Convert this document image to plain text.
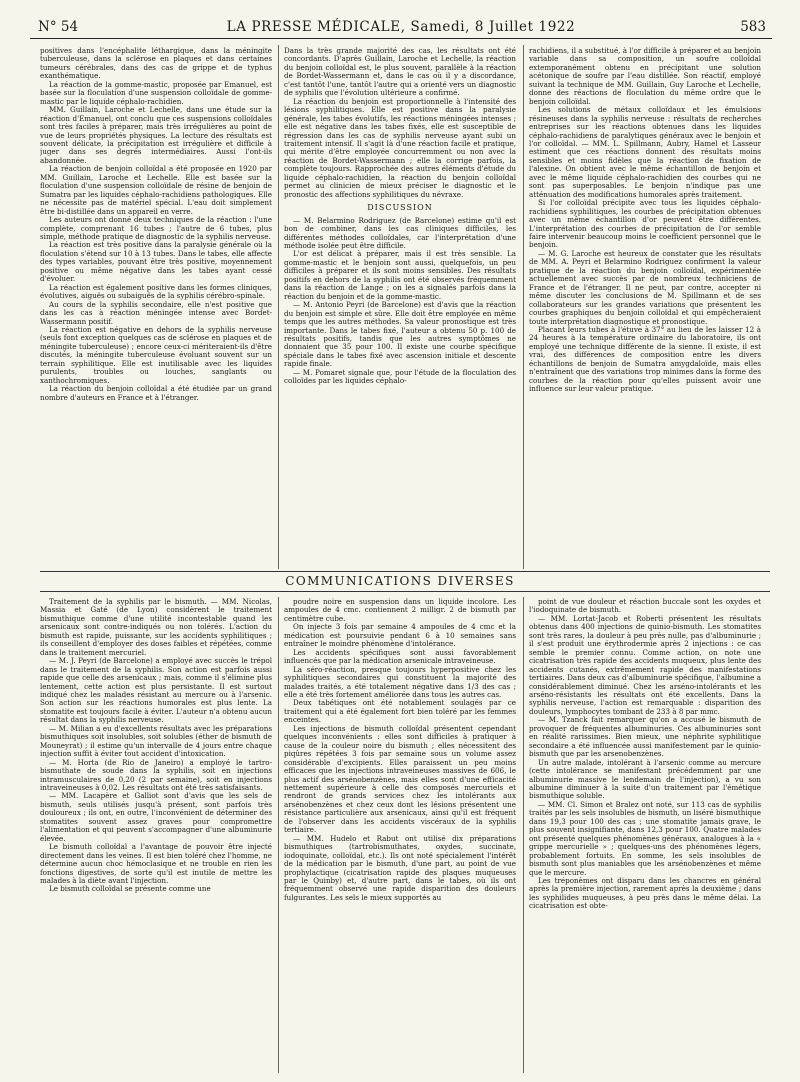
N° 54	LA PRESSE MÉDICALE, Samedi, 8 Juillet 1922	583

positives dans l'encéphalite léthargique, dans la méningite tuberculeuse, dans la sclérose en plaques et dans certaines tumeurs cérébrales, dans des cas de grippe et de typhus exanthématique.

La réaction de la gomme-mastic, proposée par Emanuel, est basée sur la floculation d'une suspension colloïdale de gomme-mastic par le liquide céphalo-rachidien.

MM. Guillain, Laroche et Lechelle, dans une étude sur la réaction d'Emanuel, ont conclu que ces suspensions colloïdales sont très faciles à préparer, mais très irrégulières au point de vue de leurs propriétés physiques. La lecture des résultats est souvent délicate, la précipitation est irrégulière et difficile à juger dans ses degrés intermédiaires. Aussi l'ont-ils abandonnée.

La réaction de benjoin colloïdal a été proposée en 1920 par MM. Guillain, Laroche et Lechelle. Elle est basée sur la floculation d'une suspension colloïdale de résine de benjoin de Sumatra par les liquides céphalo-rachidiens pathologiques. Elle ne nécessite pas de matériel spécial. L'eau doit simplement être bi-distillée dans un appareil en verre.

Les auteurs ont donné deux techniques de la réaction : l'une complète, comprenant 16 tubes ; l'autre de 6 tubes, plus simple, méthode pratique de diagnostic de la syphilis nerveuse.

La réaction est très positive dans la paralysie générale où la floculation s'étend sur 10 à 13 tubes. Dans le tabes, elle affecte des types variables, pouvant être très positive, moyennement positive ou même négative dans les tabes ayant cessé d'évoluer.

La réaction est également positive dans les formes cliniques, évolutives, aiguës ou subaiguës de la syphilis cérébro-spinale.

Au cours de la syphilis secondaire, elle n'est positive que dans les cas à réaction méningée intense avec Bordet-Wassermann positif.

La réaction est négative en dehors de la syphilis nerveuse (seuls font exception quelques cas de sclérose en plaques et de méningite tuberculeuse) ; encore ceux-ci mériteraient-ils d'être discutés, la méningite tuberculeuse évoluant souvent sur un terrain syphilitique. Elle est inutilisable avec les liquides purulents, troubles ou louches, sanglants ou xanthochromiques.

La réaction du benjoin colloïdal a été étudiée par un grand nombre d'auteurs en France et à l'étranger.

Dans la très grande majorité des cas, les résultats ont été concordants. D'après Guillain, Laroche et Lechelle, la réaction du benjoin colloïdal est, le plus souvent, parallèle à la réaction de Bordet-Wassermann et, dans le cas où il y a discordance, c'est tantôt l'une, tantôt l'autre qui a orienté vers un diagnostic de syphilis que l'évolution ultérieure a confirmé.

La réaction du benjoin est proportionnelle à l'intensité des lésions syphilitiques. Elle est positive dans la paralysie générale, les tabes évolutifs, les réactions méningées intenses ; elle est négative dans les tabes fixés, elle est susceptible de régression dans les cas de syphilis nerveuse ayant subi un traitement intensif. Il s'agit là d'une réaction facile et pratique, qui mérite d'être employée concurremment ou non avec la réaction de Bordet-Wassermann ; elle la corrige parfois, la complète toujours. Rapprochée des autres éléments d'étude du liquide céphalo-rachidien, la réaction du benjoin colloïdal permet au clinicien de mieux préciser le diagnostic et le pronostic des affections syphilitiques du névraxe.

DISCUSSION

— M. Belarmino Rodriguez (de Barcelone) estime qu'il est bon de combiner, dans les cas cliniques difficiles, les différentes méthodes colloïdales, car l'interprétation d'une méthode isolée peut être difficile.

L'or est délicat à préparer, mais il est très sensible. La gomme-mastic et le benjoin sont aussi, quelquefois, un peu difficiles à préparer et ils sont moins sensibles. Des résultats positifs en dehors de la syphilis ont été observés fréquemment dans la réaction de Lange ; on les a signalés parfois dans la réaction du benjoin et de la gomme-mastic.

— M. Antonio Peyri (de Barcelone) est d'avis que la réaction du benjoin est simple et sûre. Elle doit être employée en même temps que les autres méthodes. Sa valeur pronostique est très importante. Dans le tabes fixé, l'auteur a obtenu 50 p. 100 de résultats positifs, tandis que les autres symptômes ne donnaient que 35 pour 100. Il existe une courbe spécifique spéciale dans le tabes fixé avec ascension initiale et descente rapide finale.

— M. Pomaret signale que, pour l'étude de la floculation des colloïdes par les liquides céphalo-

rachidiens, il a substitué, à l'or difficile à préparer et au benjoin variable dans sa composition, un soufre colloïdal extemporanément obtenu en précipitant une solution acétonique de soufre par l'eau distillée. Son réactif, employé suivant la technique de MM. Guillain, Guy Laroche et Lechelle, donne des réactions de floculation du même ordre que le benjoin colloïdal.

Les solutions de métaux colloïdaux et les émulsions résineuses dans la syphilis nerveuse : résultats de recherches entreprises sur les réactions obtenues dans les liquides céphalo-rachidiens de paralytiques généraux avec le benjoin et l'or colloïdal. — MM. L. Spillmann, Aubry, Hamel et Lasseur estiment que ces réactions donnent des résultats moins sensibles et moins fidèles que la réaction de fixation de l'alexine. On obtient avec le même échantillon de benjoin et avec le même liquide céphalo-rachidien des courbes qui ne sont pas superposables. Le benjoin n'indique pas une atténuation des modifications humorales après traitement.

Si l'or colloïdal précipite avec tous les liquides céphalo-rachidiens syphilitiques, les courbes de précipitation obtenues avec un même échantillon d'or peuvent être différentes. L'interprétation des courbes de précipitation de l'or semble faire intervenir beaucoup moins le coefficient personnel que le benjoin.

— M. G. Laroche est heureux de constater que les résultats de MM. A. Peyri et Belarmino Rodriguez confirment la valeur pratique de la réaction du benjoin colloïdal, expérimentée actuellement avec succès par de nombreux techniciens de France et de l'étranger. Il ne peut, par contre, accepter ni même discuter les conclusions de M. Spillmann et de ses collaborateurs sur les grandes variations que présentent les courbes graphiques du benjoin colloïdal et qui empêcheraient toute interprétation diagnostique et pronostique.

Placant leurs tubes à l'étuve à 37° au lieu de les laisser 12 à 24 heures à la température ordinaire du laboratoire, ils ont employé une technique différente de la sienne. Il existe, il est vrai, des différences de composition entre les divers échantillons de benjoin de Sumatra amygdaloïde, mais elles n'entraînent que des variations trop minimes dans la forme des courbes de la réaction pour qu'elles puissent avoir une influence sur leur valeur pratique.

COMMUNICATIONS DIVERSES

Traitement de la syphilis par le bismuth. — MM. Nicolas, Massia et Gaté (de Lyon) considèrent le traitement bismuthique comme d'une utilité incontestable quand les arsenicaux sont contre-indiqués ou non tolérés. L'action du bismuth est rapide, puissante, sur les accidents syphilitiques ; ils conseillent d'employer des doses faibles et répétées, comme dans le traitement mercuriel.

— M. J. Peyri (de Barcelone) a employé avec succès le trépol dans le traitement de la syphilis. Son action est parfois aussi rapide que celle des arsenicaux ; mais, comme il s'élimine plus lentement, cette action est plus persistante. Il est surtout indiqué chez les malades résistant au mercure ou à l'arsenic. Son action sur les réactions humorales est plus lente. La stomatite est toujours facile à éviter. L'auteur n'a obtenu aucun résultat dans la syphilis nerveuse.

— M. Milian a eu d'excellents résultats avec les préparations bismuthiques soit insolubles, soit solubles (éther de bismuth de Mouneyrat) ; il estime qu'un intervalle de 4 jours entre chaque injection suffit à éviter tout accident d'intoxication.

— M. Horta (de Rio de Janeiro) a employé le tartro-bismuthate de soude dans la syphilis, soit en injections intramusculaires de 0,20 (2 par semaine), soit en injections intraveineuses à 0,02. Les résultats ont été très satisfaisants.

— MM. Lacapère et Galliot sont d'avis que les sels de bismuth, seuls utilisés jusqu'à présent, sont parfois très douloureux ; ils ont, en outre, l'inconvénient de déterminer des stomatites souvent assez graves pour compromettre l'alimentation et qui peuvent s'accompagner d'une albuminurie élevée.

Le bismuth colloïdal a l'avantage de pouvoir être injecté directement dans les veines. Il est bien toléré chez l'homme, ne détermine aucun choc hémoclasique et ne trouble en rien les fonctions digestives, de sorte qu'il est inutile de mettre les malades à la diète avant l'injection.

Le bismuth colloïdal se présente comme une

poudre noire en suspension dans un liquide incolore. Les ampoules de 4 cmc. contiennent 2 milligr. 2 de bismuth par centimètre cube.

On injecte 3 fois par semaine 4 ampoules de 4 cmc et la médication est poursuivie pendant 6 à 10 semaines sans entraîner le moindre phénomène d'intolérance.

Les accidents spécifiques sont aussi favorablement influencés que par la médication arsenicale intraveineuse.

La séro-réaction, presque toujours hyperpositive chez les syphilitiques secondaires qui constituent la majorité des malades traités, a été totalement négative dans 1/3 des cas ; elle a été très fortement améliorée dans tous les autres cas.

Deux tabétiques ont été notablement soulagés par ce traitement qui a été également fort bien toléré par les femmes enceintes.

Les injections de bismuth colloïdal présentent cependant quelques inconvénients : elles sont difficiles à pratiquer à cause de la couleur noire du bismuth ; elles nécessitent des piqûres répétées 3 fois par semaine sous un volume assez considérable d'excipients. Elles paraissent un peu moins efficaces que les injections intraveineuses massives de 606, le plus actif des arsénobenzènes, mais elles sont d'une efficacité nettement supérieure à celle des composés mercuriels et rendront de grands services chez les intolérants aux arsénobenzènes et chez ceux dont les lésions présentent une résistance particulière aux arsenicaux, ainsi qu'il est fréquent de l'observer dans les accidents viscéraux de la syphilis tertiaire.

— MM. Hudelo et Rabut ont utilisé dix préparations bismuthiques (tartrobismuthates, oxydes, succinate, iodoquinate, colloïdal, etc.). Ils ont noté spécialement l'intérêt de la médication par le bismuth, d'une part, au point de vue prophylactique (cicatrisation rapide des plaques muqueuses par le Quinby) et, d'autre part, dans le tabes, où ils ont fréquemment observé une rapide disparition des douleurs fulgurantes. Les sels le mieux supportés au

point de vue douleur et réaction buccale sont les oxydes et l'iodoquinate de bismuth.

— MM. Lortat-Jacob et Roberti présentent les résultats obtenus dans 400 injections de quinio-bismuth. Les stomatites sont très rares, la douleur à peu près nulle, pas d'albuminurie ; il s'est produit une érythrodermie après 2 injections : ce cas semble le premier connu. Comme action, on note une cicatrisation très rapide des accidents muqueux, plus lente des accidents cutanés, extrêmement rapide des manifestations tertiaires. Dans deux cas d'albuminurie spécifique, l'albumine a considérablement diminué. Chez les arséno-intolérants et les arséno-résistants les résultats ont été excellents. Dans la syphilis nerveuse, l'action est remarquable : disparition des douleurs, lymphocytes tombant de 233 à 8 par mmc.

— M. Tzanck fait remarquer qu'on a accusé le bismuth de provoquer de fréquentes albuminuries. Ces albuminuries sont en réalité rarissimes. Bien mieux, une néphrite syphilitique secondaire a été influencée aussi manifestement par le quinio-bismuth que par les arsenobenzènes.

Un autre malade, intolérant à l'arsenic comme au mercure (cette intolérance se manifestant précédemment par une albuminurie massive le lendemain de l'injection), a vu son albumine diminuer à la suite d'un traitement par l'émétique bismuthique soluble.

— MM. Cl. Simon et Bralez ont noté, sur 113 cas de syphilis traités par les sels insolubles de bismuth, un liséré bismuthique dans 19,3 pour 100 des cas ; une stomatite jamais grave, le plus souvent insignifiante, dans 12,3 pour 100. Quatre malades ont présenté quelques phénomènes généraux, analogues à la « grippe mercurielle » ; quelques-uns des phénomènes légers, probablement fortuits. En somme, les sels insolubles de bismuth sont plus maniables que les arsénobenzènes et même que le mercure.

Les tréponèmes ont disparu dans les chancres en général après la première injection, rarement après la deuxième ; dans les syphilides muqueuses, à peu près dans le même délai. La cicatrisation est obte-
